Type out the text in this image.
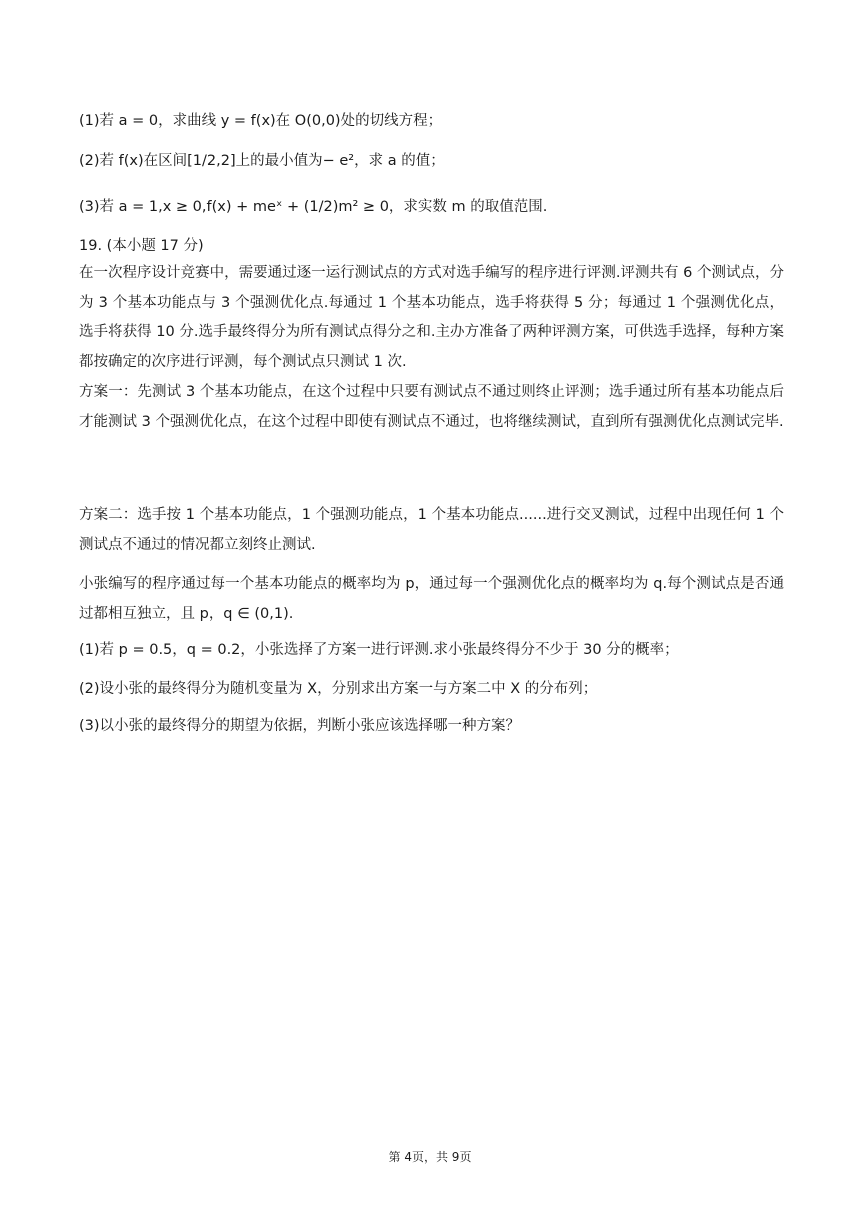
(1)若 a = 0，求曲线 y = f(x)在 O(0,0)处的切线方程；
(2)若 f(x)在区间[1/2,2]上的最小值为− e²，求 a 的值；
(3)若 a = 1,x ≥ 0,f(x) + meˣ + (1/2)m² ≥ 0，求实数 m 的取值范围.
19. (本小题 17 分)
在一次程序设计竞赛中，需要通过逐一运行测试点的方式对选手编写的程序进行评测.评测共有 6 个测试点，分为 3 个基本功能点与 3 个强测优化点.每通过 1 个基本功能点，选手将获得 5 分；每通过 1 个强测优化点，选手将获得 10 分.选手最终得分为所有测试点得分之和.主办方准备了两种评测方案，可供选手选择，每种方案都按确定的次序进行评测，每个测试点只测试 1 次.
方案一：先测试 3 个基本功能点，在这个过程中只要有测试点不通过则终止评测；选手通过所有基本功能点后才能测试 3 个强测优化点，在这个过程中即使有测试点不通过，也将继续测试，直到所有强测优化点测试完毕.
方案二：选手按 1 个基本功能点，1 个强测功能点，1 个基本功能点......进行交叉测试，过程中出现任何 1 个测试点不通过的情况都立刻终止测试.
小张编写的程序通过每一个基本功能点的概率均为 p，通过每一个强测优化点的概率均为 q.每个测试点是否通过都相互独立，且 p，q ∈ (0,1).
(1)若 p = 0.5，q = 0.2，小张选择了方案一进行评测.求小张最终得分不少于 30 分的概率；
(2)设小张的最终得分为随机变量为 X，分别求出方案一与方案二中 X 的分布列；
(3)以小张的最终得分的期望为依据，判断小张应该选择哪一种方案？
第 4页，共 9页
